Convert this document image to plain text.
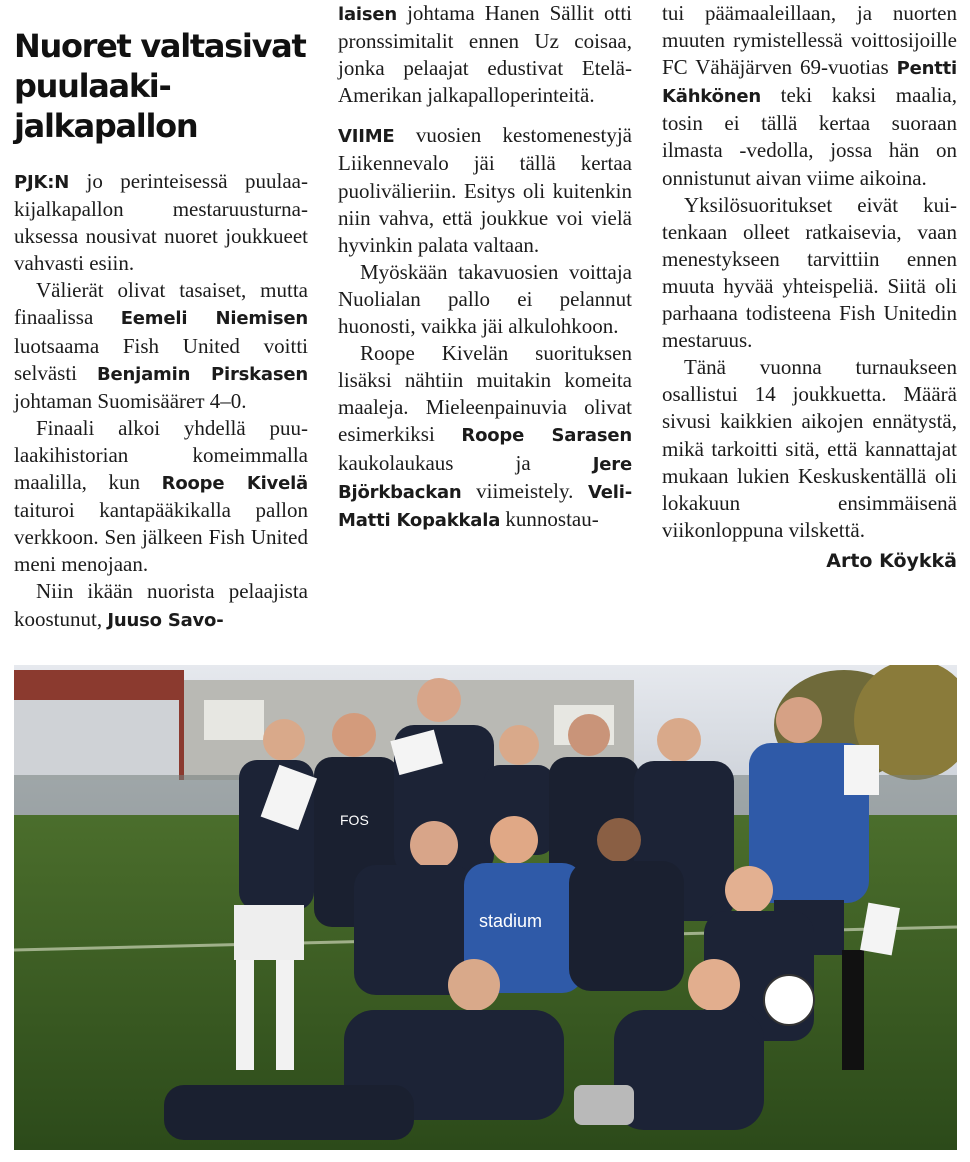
Nuoret valtasivat
puulaaki-
jalkapallon

PJK:N jo perinteisessä puulaakijalkapallon mestaruusturnauksessa nousivat nuoret joukkueet vahvasti esiin.

Välierät olivat tasaiset, mutta finaalissa Eemeli Niemisen luotsaama Fish United voitti selvästi Benjamin Pirskasen johtaman Suomisäärет 4–0.

Finaali alkoi yhdellä puulaakihistorian komeimmalla maalilla, kun Roope Kivelä taituroi kantapääkikalla pallon verkkoon. Sen jälkeen Fish United meni menojaan.

Niin ikään nuorista pelaajista koostunut, Juuso Savo-

laisen johtama Hanen Sällit otti pronssimitalit ennen Uz coisaa, jonka pelaajat edustivat Etelä-Amerikan jalkapalloperinteitä.

VIIME vuosien kestomenestyjä Liikennevalo jäi tällä kertaa puolivälieriin. Esitys oli kuitenkin niin vahva, että joukkue voi vielä hyvinkin palata valtaan.

Myöskään takavuosien voittaja Nuolialan pallo ei pelannut huonosti, vaikka jäi alkulohkoon.

Roope Kivelän suorituksen lisäksi nähtiin muitakin komeita maaleja. Mieleenpainuvia olivat esimerkiksi Roope Sarasen kaukolaukaus ja Jere Björkbackan viimeistely. Veli-Matti Kopakkala kunnostau-

tui päämaaleillaan, ja nuorten muuten rymistellessä voittosijoille FC Vähäjärven 69-vuotias Pentti Kähkönen teki kaksi maalia, tosin ei tällä kertaa suoraan ilmasta -vedolla, jossa hän on onnistunut aivan viime aikoina.

Yksilösuoritukset eivät kuitenkaan olleet ratkaisevia, vaan menestykseen tarvittiin ennen muuta hyvää yhteispeliä. Siitä oli parhaana todisteena Fish Unitedin mestaruus.

Tänä vuonna turnaukseen osallistui 14 joukkuetta. Määrä sivusi kaikkien aikojen ennätystä, mikä tarkoitti sitä, että kannattajat mukaan lukien Keskuskentällä oli lokakuun ensimmäisenä viikonloppuna vilskettä.

Arto Köykkä

stadium
FOS
